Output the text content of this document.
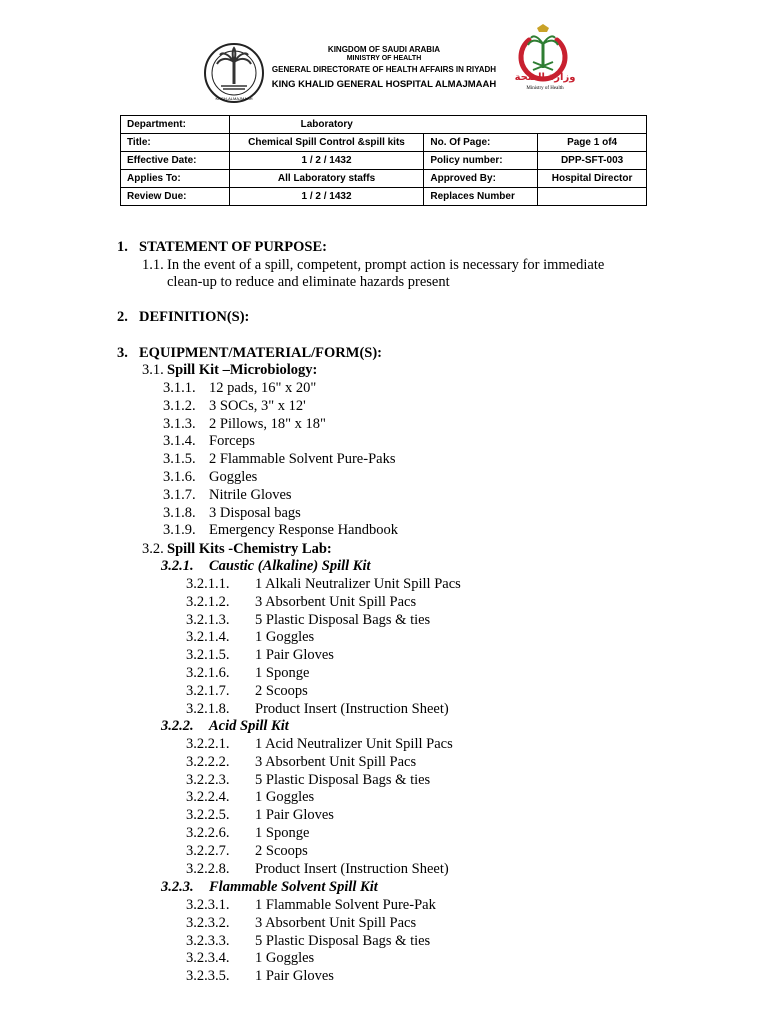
KKGH-ALMAJMAAH
وزارة الصحة
Ministry of Health
KINGDOM OF SAUDI ARABIA
MINISTRY OF HEALTH
GENERAL DIRECTORATE OF HEALTH AFFAIRS IN RIYADH
KING KHALID GENERAL HOSPITAL ALMAJMAAH
Department:	Laboratory		
Title:	Chemical Spill Control &spill kits	No. Of Page:	Page 1 of4
Effective Date:	1 / 2 / 1432	Policy number:	DPP-SFT-003
Applies To:	All Laboratory staffs	Approved By:	Hospital Director
Review Due:	1 / 2 / 1432	Replaces Number	
1. STATEMENT OF PURPOSE:
1.1. In the event of a spill, competent, prompt action is necessary for immediate
clean-up to reduce and eliminate hazards present
2. DEFINITION(S):
3. EQUIPMENT/MATERIAL/FORM(S):
3.1. Spill Kit –Microbiology:
3.1.1. 12 pads, 16" x 20"
3.1.2. 3 SOCs, 3" x 12'
3.1.3. 2 Pillows, 18" x 18"
3.1.4. Forceps
3.1.5. 2 Flammable Solvent Pure-Paks
3.1.6. Goggles
3.1.7. Nitrile Gloves
3.1.8. 3 Disposal bags
3.1.9. Emergency Response Handbook
3.2. Spill Kits -Chemistry Lab:
3.2.1. Caustic (Alkaline) Spill Kit
3.2.1.1. 1 Alkali Neutralizer Unit Spill Pacs
3.2.1.2. 3 Absorbent Unit Spill Pacs
3.2.1.3. 5 Plastic Disposal Bags & ties
3.2.1.4. 1 Goggles
3.2.1.5. 1 Pair Gloves
3.2.1.6. 1 Sponge
3.2.1.7. 2 Scoops
3.2.1.8. Product Insert (Instruction Sheet)
3.2.2. Acid Spill Kit
3.2.2.1. 1 Acid Neutralizer Unit Spill Pacs
3.2.2.2. 3 Absorbent Unit Spill Pacs
3.2.2.3. 5 Plastic Disposal Bags & ties
3.2.2.4. 1 Goggles
3.2.2.5. 1 Pair Gloves
3.2.2.6. 1 Sponge
3.2.2.7. 2 Scoops
3.2.2.8. Product Insert (Instruction Sheet)
3.2.3. Flammable Solvent Spill Kit
3.2.3.1. 1 Flammable Solvent Pure-Pak
3.2.3.2. 3 Absorbent Unit Spill Pacs
3.2.3.3. 5 Plastic Disposal Bags & ties
3.2.3.4. 1 Goggles
3.2.3.5. 1 Pair Gloves
